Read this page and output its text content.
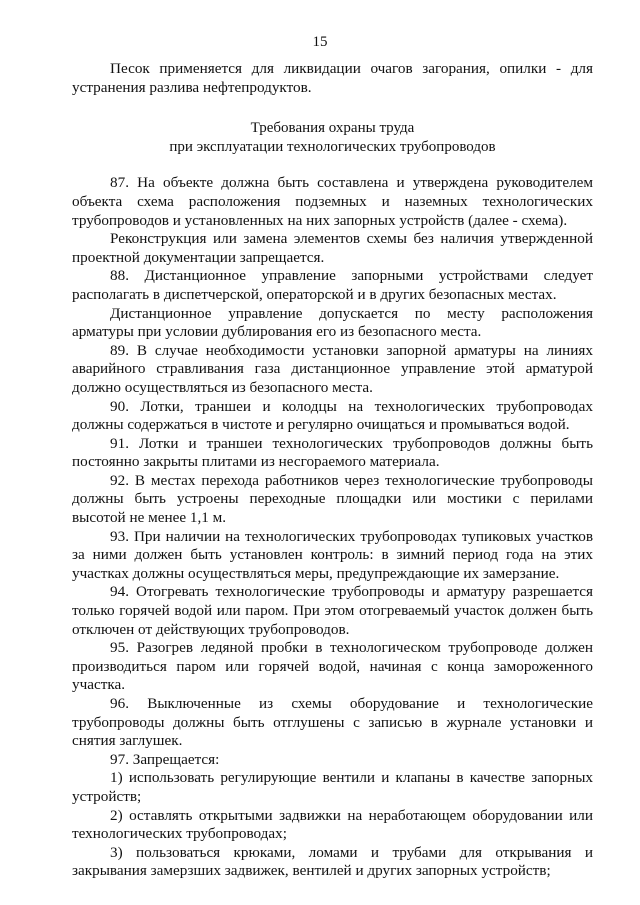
15

Песок применяется для ликвидации очагов загорания, опилки - для устранения разлива нефтепродуктов.

Требования охраны труда
при эксплуатации технологических трубопроводов

87. На объекте должна быть составлена и утверждена руководителем объекта схема расположения подземных и наземных технологических трубопроводов и установленных на них запорных устройств (далее - схема).

Реконструкция или замена элементов схемы без наличия утвержденной проектной документации запрещается.

88. Дистанционное управление запорными устройствами следует располагать в диспетчерской, операторской и в других безопасных местах.

Дистанционное управление допускается по месту расположения арматуры при условии дублирования его из безопасного места.

89. В случае необходимости установки запорной арматуры на линиях аварийного стравливания газа дистанционное управление этой арматурой должно осуществляться из безопасного места.

90. Лотки, траншеи и колодцы на технологических трубопроводах должны содержаться в чистоте и регулярно очищаться и промываться водой.

91. Лотки и траншеи технологических трубопроводов должны быть постоянно закрыты плитами из несгораемого материала.

92. В местах перехода работников через технологические трубопроводы должны быть устроены переходные площадки или мостики с перилами высотой не менее 1,1 м.

93. При наличии на технологических трубопроводах тупиковых участков за ними должен быть установлен контроль: в зимний период года на этих участках должны осуществляться меры, предупреждающие их замерзание.

94. Отогревать технологические трубопроводы и арматуру разрешается только горячей водой или паром. При этом отогреваемый участок должен быть отключен от действующих трубопроводов.

95. Разогрев ледяной пробки в технологическом трубопроводе должен производиться паром или горячей водой, начиная с конца замороженного участка.

96. Выключенные из схемы оборудование и технологические трубопроводы должны быть отглушены с записью в журнале установки и снятия заглушек.

97. Запрещается:

1) использовать регулирующие вентили и клапаны в качестве запорных устройств;

2) оставлять открытыми задвижки на неработающем оборудовании или технологических трубопроводах;

3) пользоваться крюками, ломами и трубами для открывания и закрывания замерзших задвижек, вентилей и других запорных устройств;
